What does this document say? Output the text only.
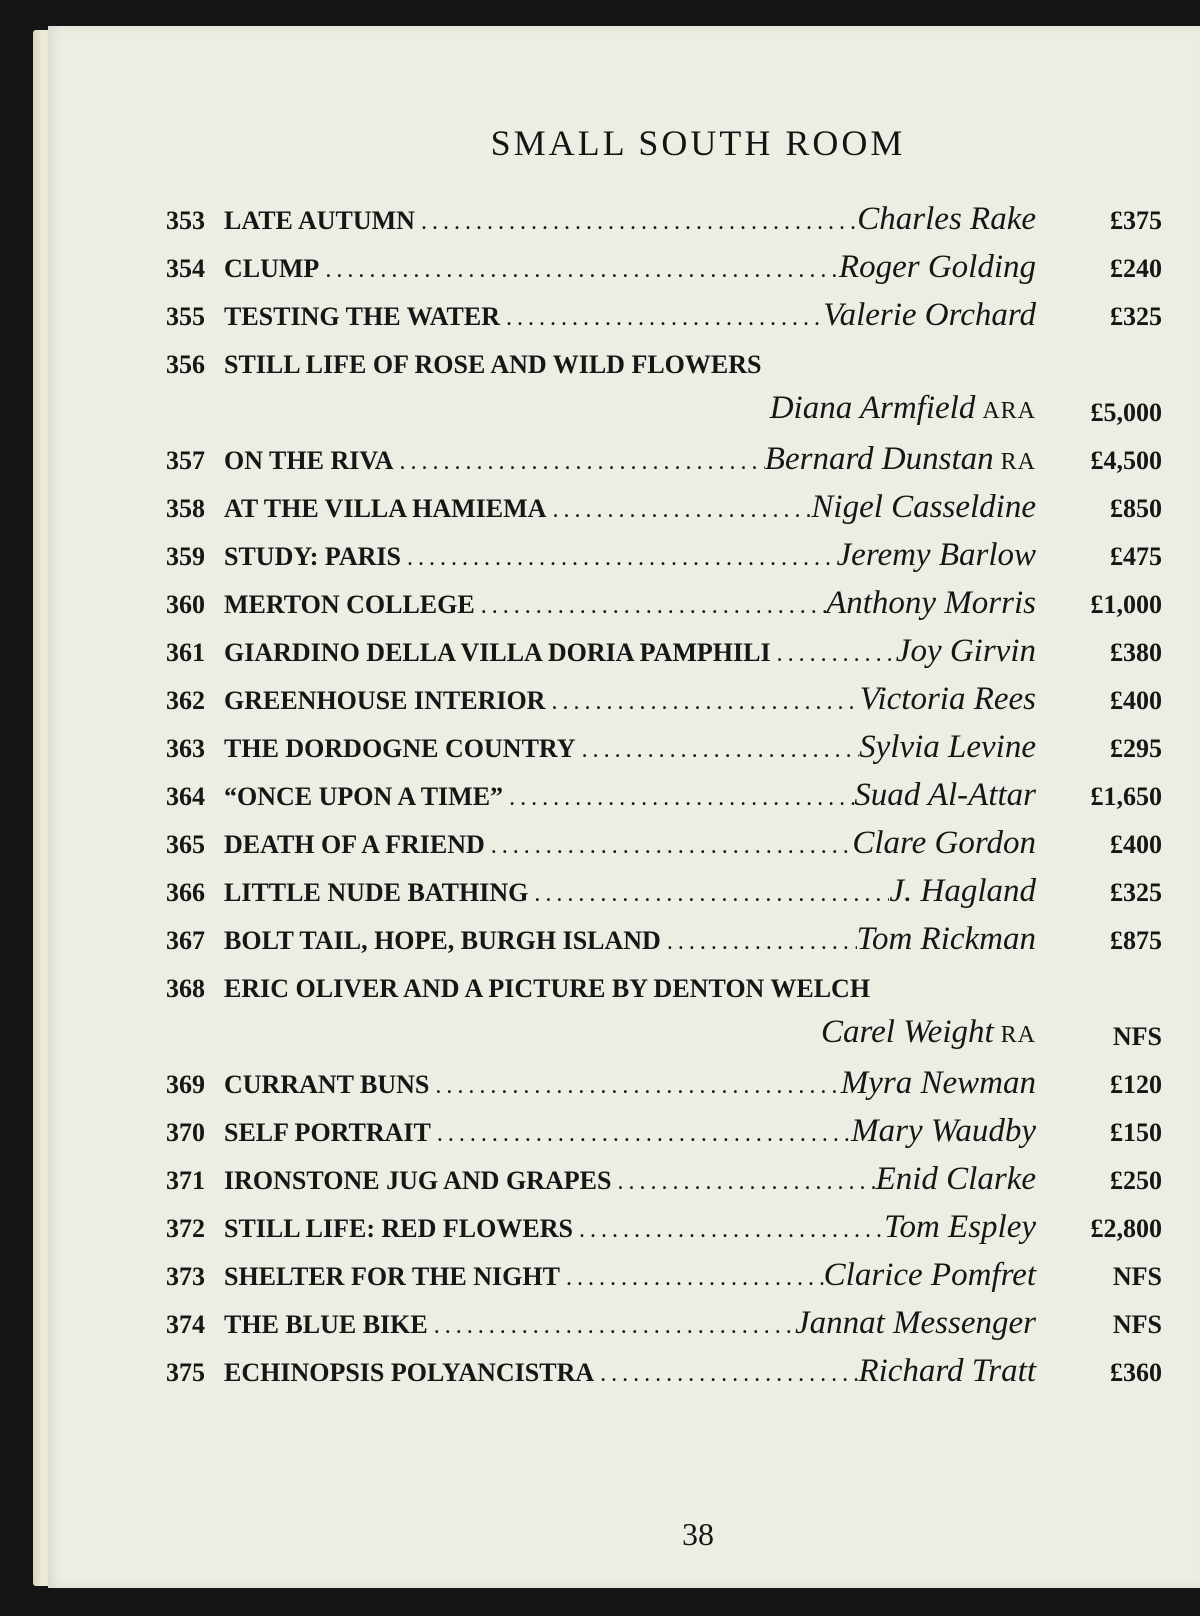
SMALL SOUTH ROOM
353 LATE AUTUMN .....	Charles Rake	£375
354 CLUMP .....	Roger Golding	£240
355 TESTING THE WATER .....	Valerie Orchard	£325
356 STILL LIFE OF ROSE AND WILD FLOWERS
Diana Armfield ARA	£5,000
357 ON THE RIVA .....	Bernard Dunstan RA	£4,500
358 AT THE VILLA HAMIEMA .....	Nigel Casseldine	£850
359 STUDY: PARIS .....	Jeremy Barlow	£475
360 MERTON COLLEGE .....	Anthony Morris	£1,000
361 GIARDINO DELLA VILLA DORIA PAMPHILI .....	Joy Girvin	£380
362 GREENHOUSE INTERIOR .....	Victoria Rees	£400
363 THE DORDOGNE COUNTRY .....	Sylvia Levine	£295
364 “ONCE UPON A TIME” .....	Suad Al-Attar	£1,650
365 DEATH OF A FRIEND .....	Clare Gordon	£400
366 LITTLE NUDE BATHING .....	J. Hagland	£325
367 BOLT TAIL, HOPE, BURGH ISLAND .....	Tom Rickman	£875
368 ERIC OLIVER AND A PICTURE BY DENTON WELCH
Carel Weight RA	NFS
369 CURRANT BUNS .....	Myra Newman	£120
370 SELF PORTRAIT .....	Mary Waudby	£150
371 IRONSTONE JUG AND GRAPES .....	Enid Clarke	£250
372 STILL LIFE: RED FLOWERS .....	Tom Espley	£2,800
373 SHELTER FOR THE NIGHT .....	Clarice Pomfret	NFS
374 THE BLUE BIKE .....	Jannat Messenger	NFS
375 ECHINOPSIS POLYANCISTRA .....	Richard Tratt	£360
38
